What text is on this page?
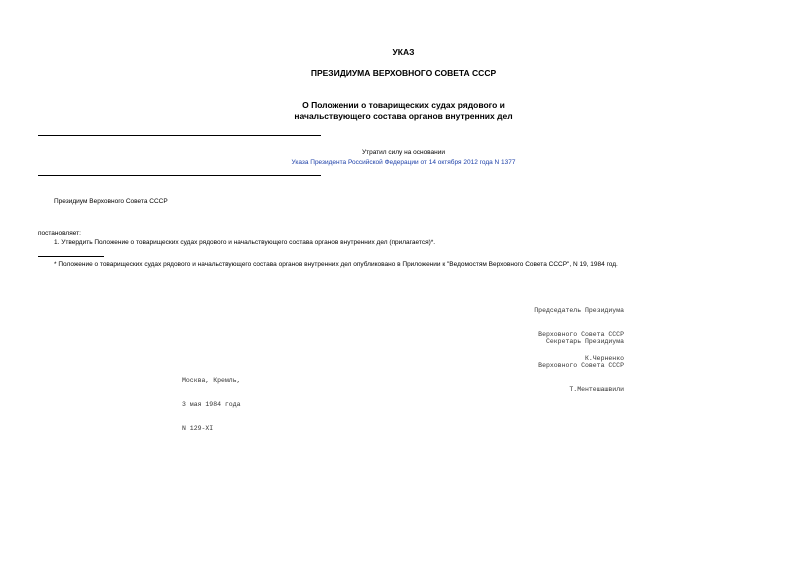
УКАЗ
ПРЕЗИДИУМА ВЕРХОВНОГО СОВЕТА СССР
О Положении о товарищеских судах рядового и
начальствующего состава органов внутренних дел
Утратил силу на основании
Указа Президента Российской Федерации от 14 октября 2012 года N 1377
Президиум Верховного Совета СССР
постановляет:
1. Утвердить Положение о товарищеских судах рядового и начальствующего состава органов внутренних дел (прилагается)*.
* Положение о товарищеских судах рядового и начальствующего состава органов внутренних дел опубликовано в Приложении к "Ведомостям Верховного Совета СССР", N 19, 1984 год.

Председатель Президиума

Верховного Совета СССР

К.Черненко

Секретарь Президиума

Верховного Совета СССР

Т.Ментешашвили

Москва, Кремль,

3 мая 1984 года

N 129-XI
